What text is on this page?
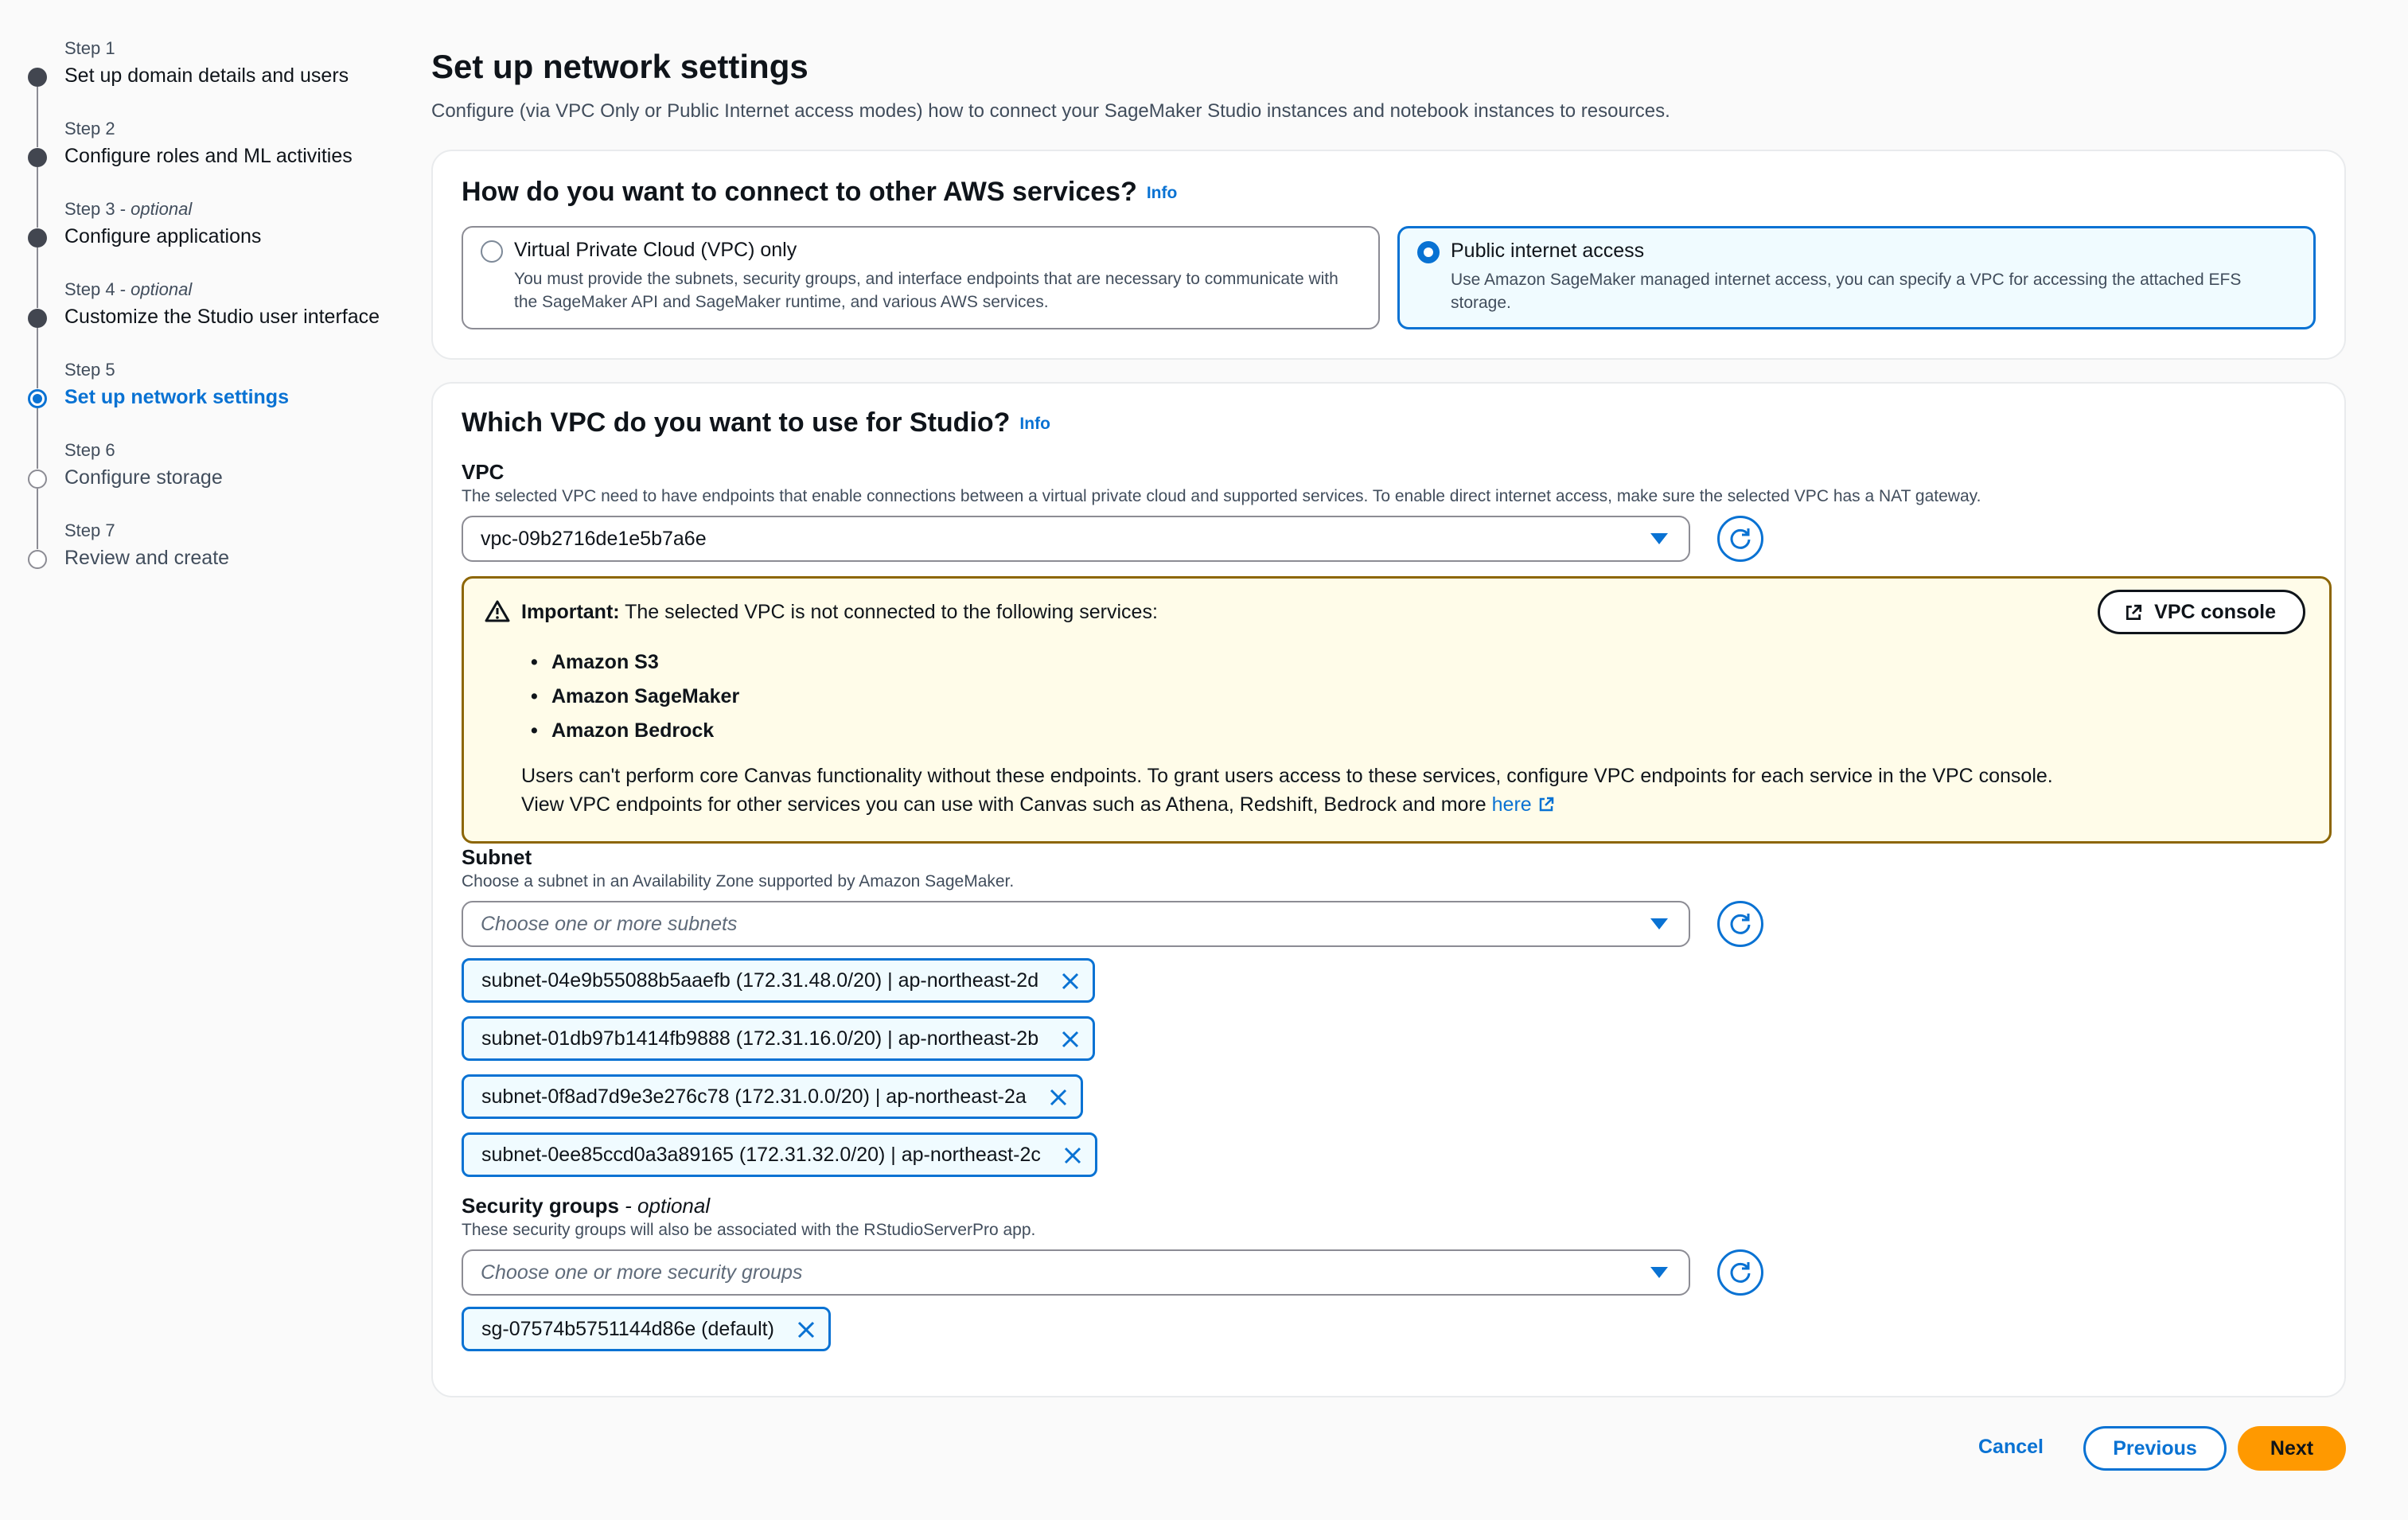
Step 1
Set up domain details and users
Step 2
Configure roles and ML activities
Step 3 - optional
Configure applications
Step 4 - optional
Customize the Studio user interface
Step 5
Set up network settings
Step 6
Configure storage
Step 7
Review and create
Set up network settings

Configure (via VPC Only or Public Internet access modes) how to connect your SageMaker Studio instances and notebook instances to resources.

How do you want to connect to other AWS services? Info
Virtual Private Cloud (VPC) only
You must provide the subnets, security groups, and interface endpoints that are necessary to communicate with the SageMaker API and SageMaker runtime, and various AWS services.
Public internet access
Use Amazon SageMaker managed internet access, you can specify a VPC for accessing the attached EFS storage.
Which VPC do you want to use for Studio? Info
VPC
The selected VPC need to have endpoints that enable connections between a virtual private cloud and supported services. To enable direct internet access, make sure the selected VPC has a NAT gateway.
vpc-09b2716de1e5b7a6e
Important: The selected VPC is not connected to the following services:
• Amazon S3
• Amazon SageMaker
• Amazon Bedrock
Users can't perform core Canvas functionality without these endpoints. To grant users access to these services, configure VPC endpoints for each service in the VPC console. View VPC endpoints for other services you can use with Canvas such as Athena, Redshift, Bedrock and more here
VPC console
Subnet
Choose a subnet in an Availability Zone supported by Amazon SageMaker.
Choose one or more subnets
subnet-04e9b55088b5aaefb (172.31.48.0/20) | ap-northeast-2d
subnet-01db97b1414fb9888 (172.31.16.0/20) | ap-northeast-2b
subnet-0f8ad7d9e3e276c78 (172.31.0.0/20) | ap-northeast-2a
subnet-0ee85ccd0a3a89165 (172.31.32.0/20) | ap-northeast-2c
Security groups - optional
These security groups will also be associated with the RStudioServerPro app.
Choose one or more security groups
sg-07574b5751144d86e (default)
Cancel	Previous	Next
